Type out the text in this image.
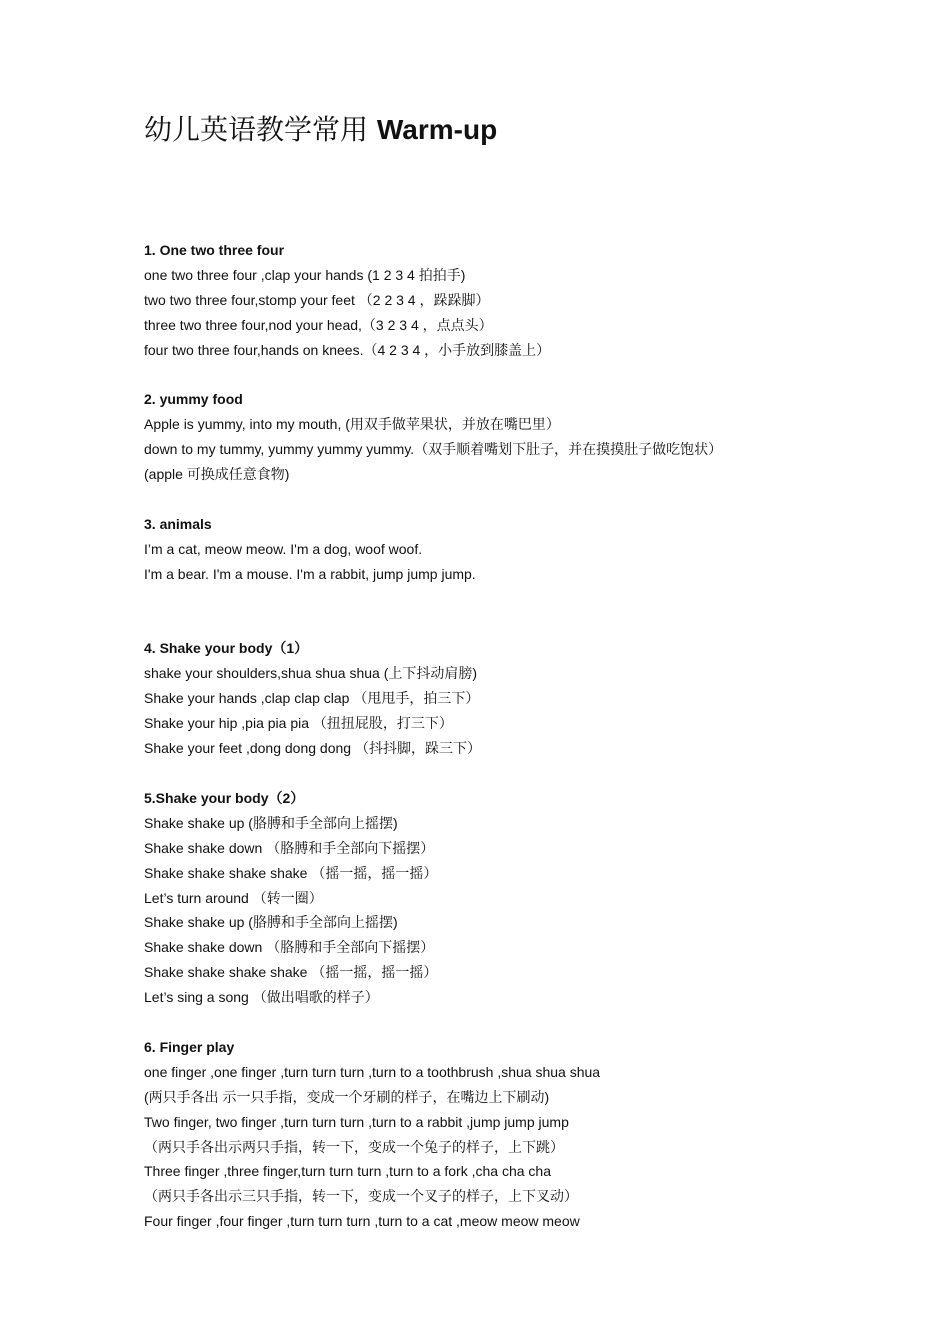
幼儿英语教学常用 Warm-up

1. One two three four

one two three four ,clap your hands (1 2 3 4 拍拍手)

two two three four,stomp your feet （2 2 3 4 ，跺跺脚）

three two three four,nod your head,（3 2 3 4 ，点点头）

four two three four,hands on knees.（4 2 3 4 ，小手放到膝盖上）

2. yummy food

Apple is yummy, into my mouth, (用双手做苹果状，并放在嘴巴里）

down to my tummy, yummy yummy yummy.（双手顺着嘴划下肚子，并在摸摸肚子做吃饱状）

(apple 可换成任意食物)

3. animals

I’m a cat, meow meow. I'm a dog, woof woof.

I'm a bear. I'm a mouse. I'm a rabbit, jump jump jump.

4. Shake your body（1）

shake your shoulders,shua shua shua (上下抖动肩膀)

Shake your hands ,clap clap clap （甩甩手，拍三下）

Shake your hip ,pia pia pia （扭扭屁股，打三下）

Shake your feet ,dong dong dong （抖抖脚，跺三下）

5.Shake your body（2）

Shake shake up (胳膊和手全部向上摇摆)

Shake shake down （胳膊和手全部向下摇摆）

Shake shake shake shake （摇一摇，摇一摇）

Let’s turn around （转一圈）

Shake shake up (胳膊和手全部向上摇摆)

Shake shake down （胳膊和手全部向下摇摆）

Shake shake shake shake （摇一摇，摇一摇）

Let’s sing a song （做出唱歌的样子）

6. Finger play

one finger ,one finger ,turn turn turn ,turn to a toothbrush ,shua shua shua

(两只手各出 示一只手指，变成一个牙刷的样子，在嘴边上下刷动)

Two finger, two finger ,turn turn turn ,turn to a rabbit ,jump jump jump

（两只手各出示两只手指，转一下，变成一个兔子的样子，上下跳）

Three finger ,three finger,turn turn turn ,turn to a fork ,cha cha cha

（两只手各出示三只手指，转一下，变成一个叉子的样子，上下叉动）

Four finger ,four finger ,turn turn turn ,turn to a cat ,meow meow meow
